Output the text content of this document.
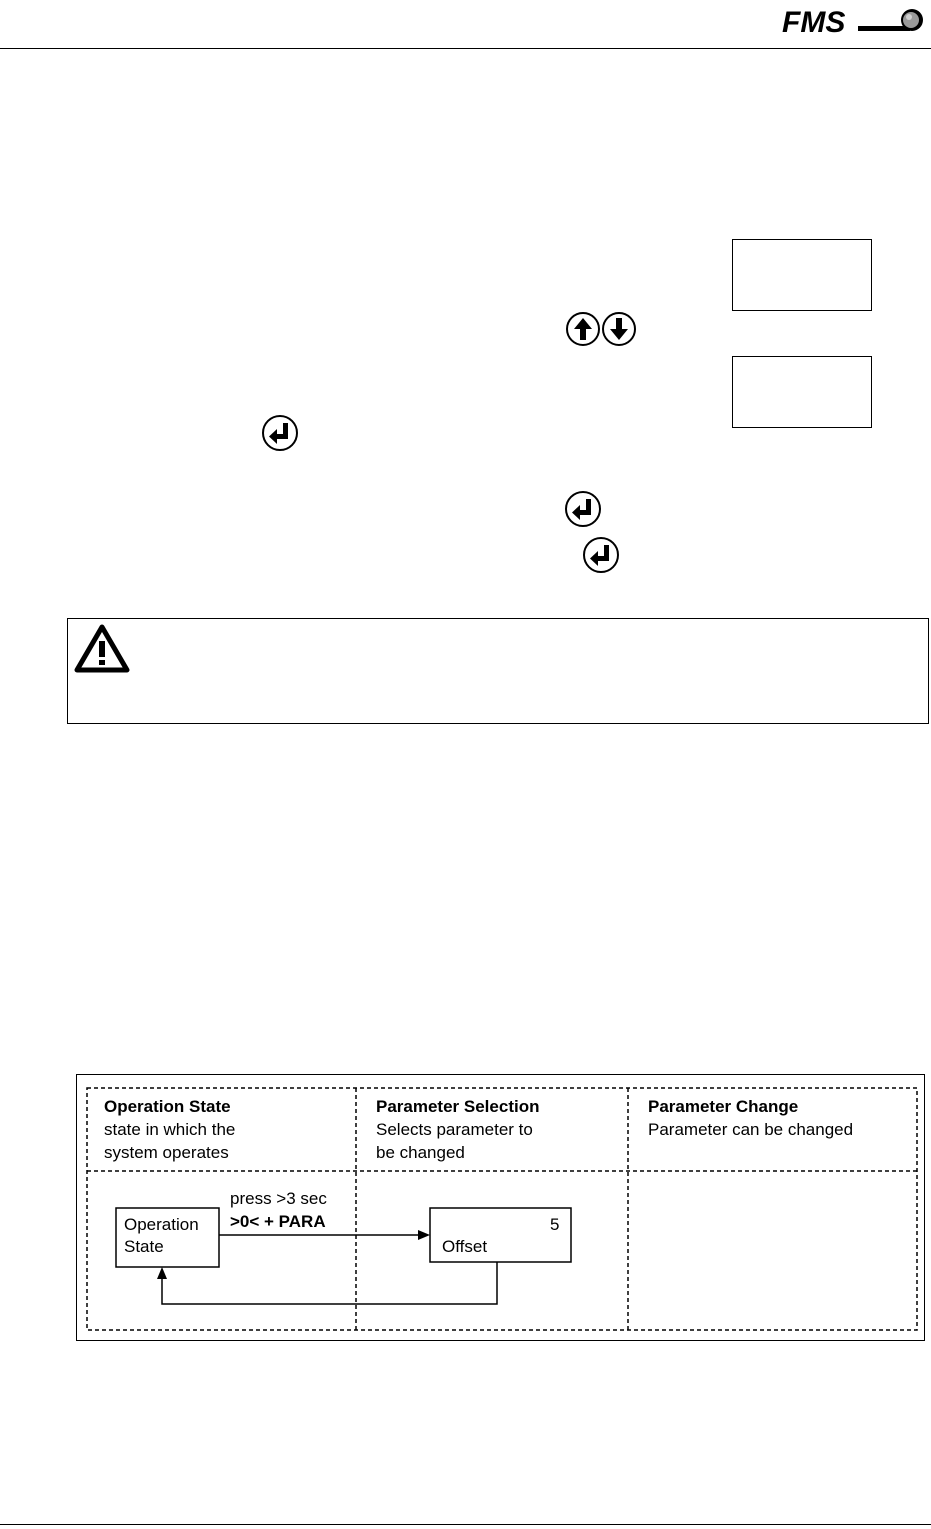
FMS
Operation State
state in which the
system operates
Parameter Selection
Selects parameter to
be changed
Parameter Change
Parameter can be changed
Operation
State
press >3 sec
>0< + PARA	5
Offset
